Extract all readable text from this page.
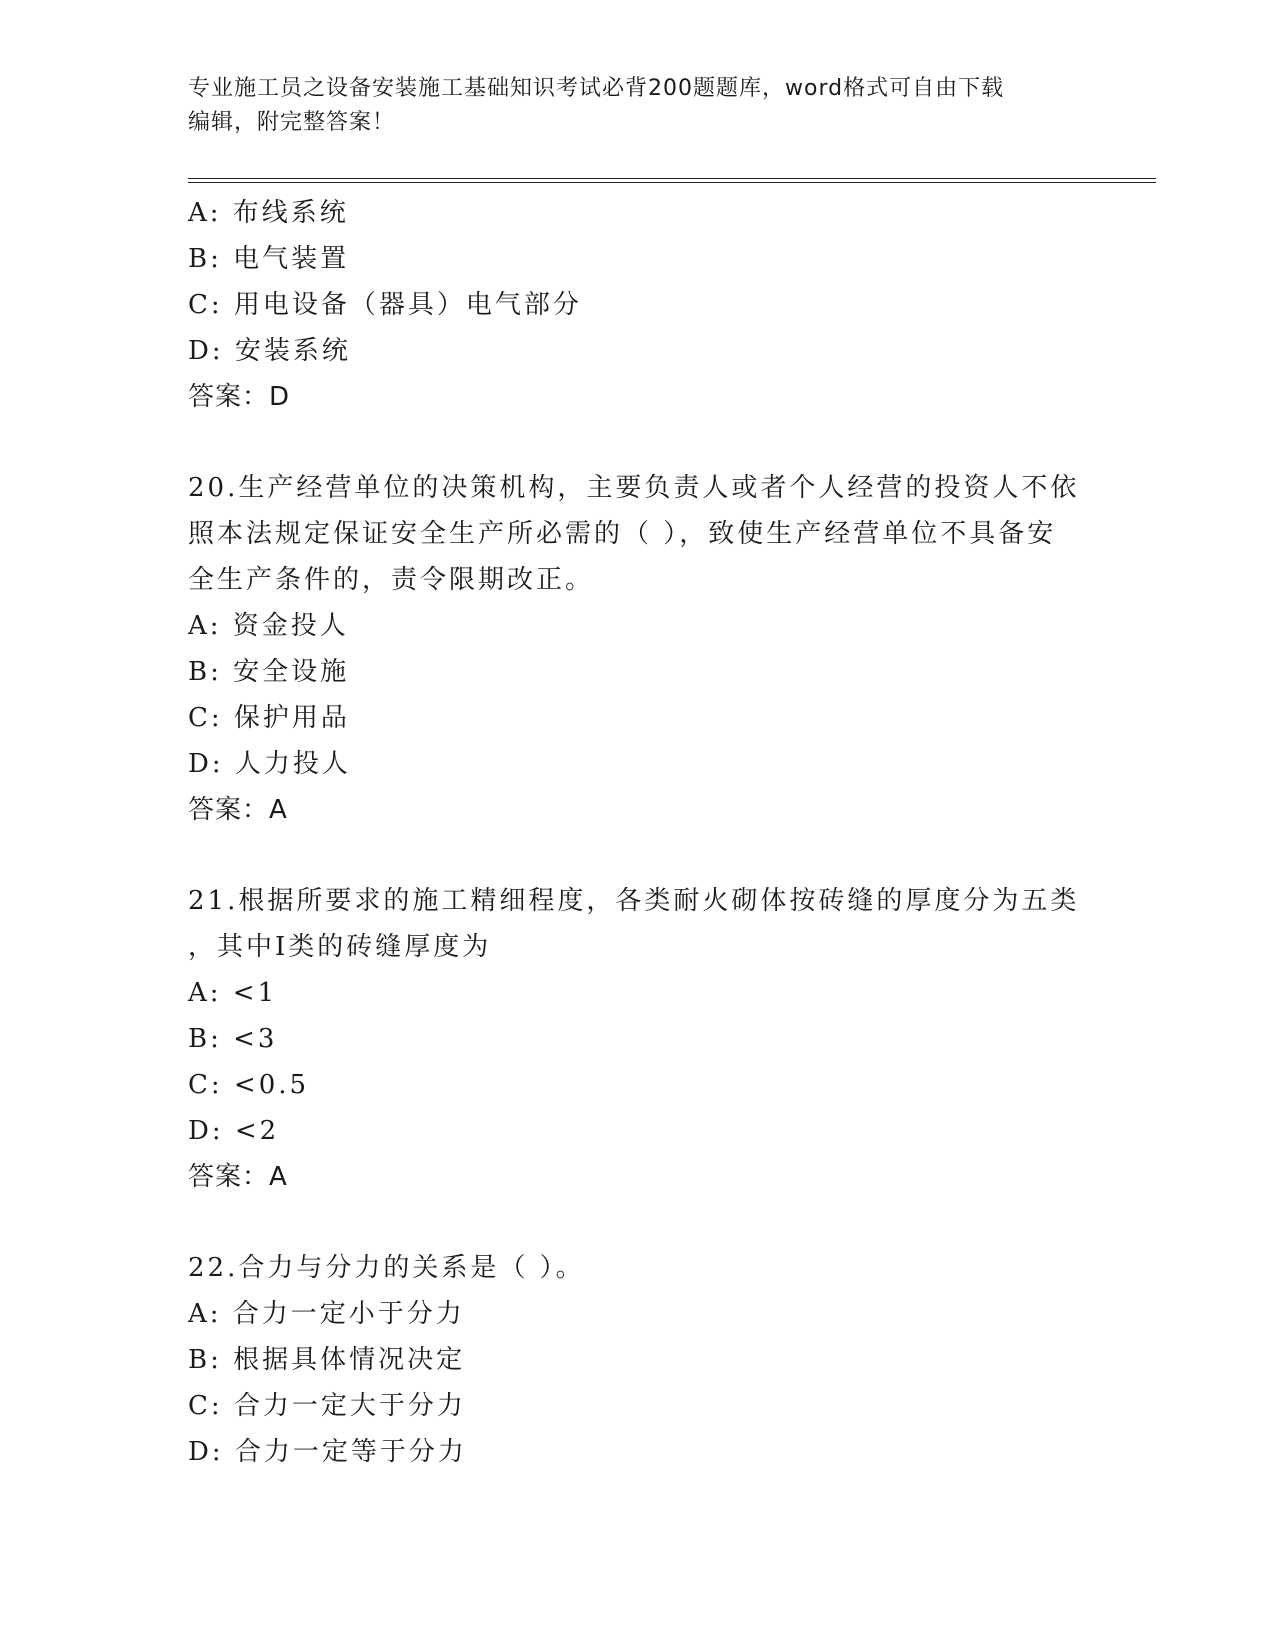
专业施工员之设备安装施工基础知识考试必背200题题库，word格式可自由下载
编辑，附完整答案！
A: 布线系统
B: 电气装置
C: 用电设备（器具）电气部分
D: 安装系统
答案：D
20.生产经营单位的决策机构，主要负责人或者个人经营的投资人不依
照本法规定保证安全生产所必需的（ ），致使生产经营单位不具备安
全生产条件的，责令限期改正。
A: 资金投人
B: 安全设施
C: 保护用品
D: 人力投人
答案：A
21.根据所要求的施工精细程度，各类耐火砌体按砖缝的厚度分为五类
，其中I类的砖缝厚度为
A: <1
B: <3
C: <0.5
D: <2
答案：A
22.合力与分力的关系是（ ）。
A: 合力一定小于分力
B: 根据具体情况决定
C: 合力一定大于分力
D: 合力一定等于分力
